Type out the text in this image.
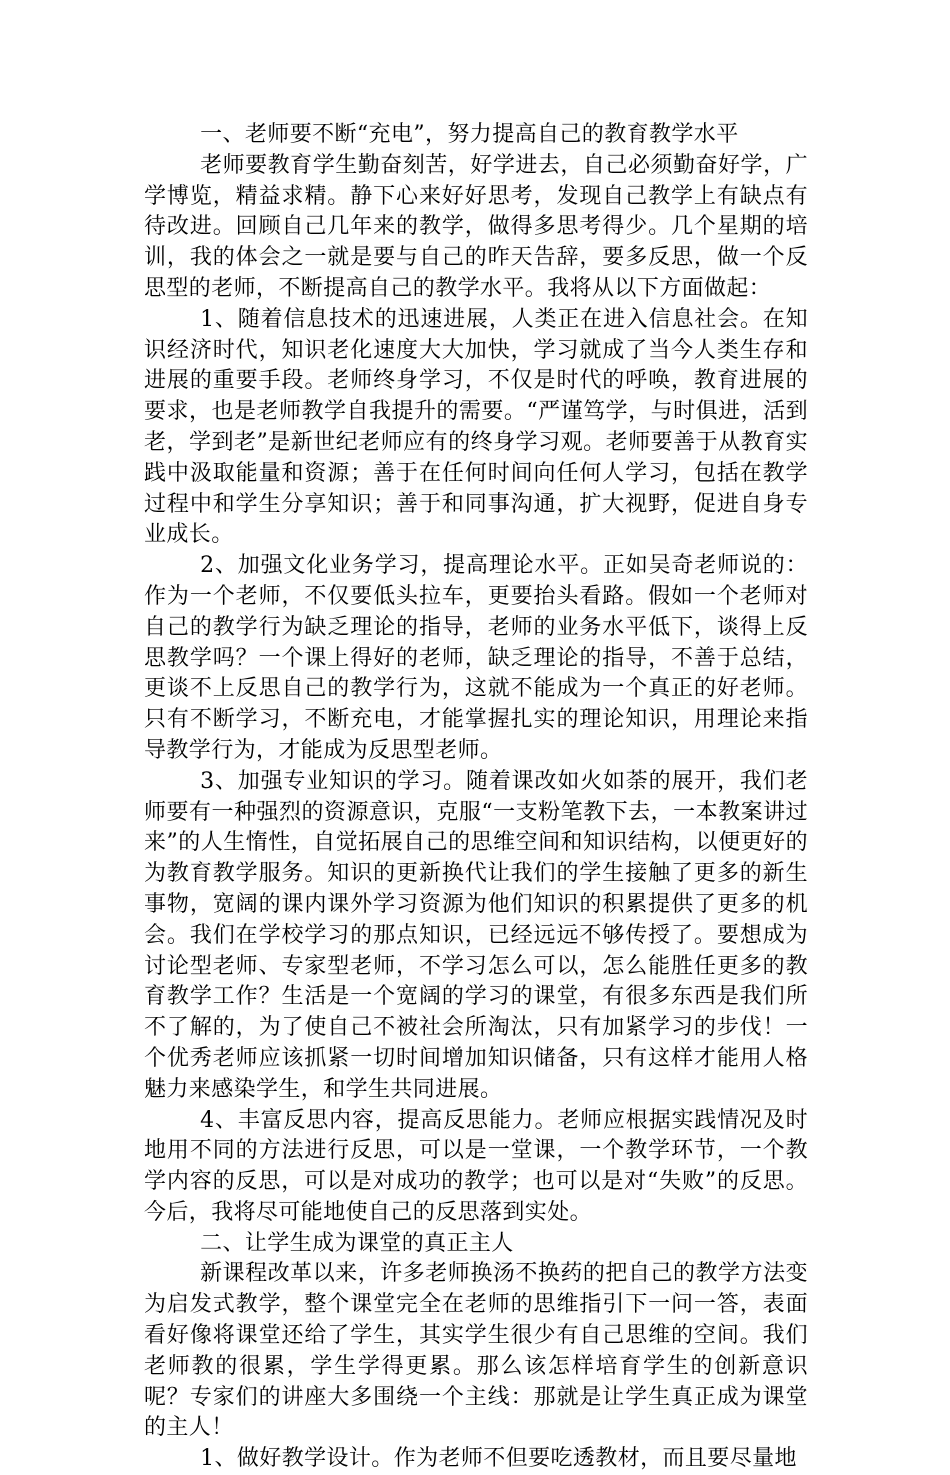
一、老师要不断“充电”，努力提高自己的教育教学水平

老师要教育学生勤奋刻苦，好学进去，自己必须勤奋好学，广学博览，精益求精。静下心来好好思考，发现自己教学上有缺点有待改进。回顾自己几年来的教学，做得多思考得少。几个星期的培训，我的体会之一就是要与自己的昨天告辞，要多反思，做一个反思型的老师，不断提高自己的教学水平。我将从以下方面做起：

1、随着信息技术的迅速进展，人类正在进入信息社会。在知识经济时代，知识老化速度大大加快，学习就成了当今人类生存和进展的重要手段。老师终身学习，不仅是时代的呼唤，教育进展的要求，也是老师教学自我提升的需要。“严谨笃学，与时俱进，活到老，学到老”是新世纪老师应有的终身学习观。老师要善于从教育实践中汲取能量和资源；善于在任何时间向任何人学习，包括在教学过程中和学生分享知识；善于和同事沟通，扩大视野，促进自身专业成长。

2、加强文化业务学习，提高理论水平。正如吴奇老师说的：作为一个老师，不仅要低头拉车，更要抬头看路。假如一个老师对自己的教学行为缺乏理论的指导，老师的业务水平低下，谈得上反思教学吗？一个课上得好的老师，缺乏理论的指导，不善于总结，更谈不上反思自己的教学行为，这就不能成为一个真正的好老师。只有不断学习，不断充电，才能掌握扎实的理论知识，用理论来指导教学行为，才能成为反思型老师。

3、加强专业知识的学习。随着课改如火如荼的展开，我们老师要有一种强烈的资源意识，克服“一支粉笔教下去，一本教案讲过来”的人生惰性，自觉拓展自己的思维空间和知识结构，以便更好的为教育教学服务。知识的更新换代让我们的学生接触了更多的新生事物，宽阔的课内课外学习资源为他们知识的积累提供了更多的机会。我们在学校学习的那点知识，已经远远不够传授了。要想成为讨论型老师、专家型老师，不学习怎么可以，怎么能胜任更多的教育教学工作？生活是一个宽阔的学习的课堂，有很多东西是我们所不了解的，为了使自己不被社会所淘汰，只有加紧学习的步伐！一个优秀老师应该抓紧一切时间增加知识储备，只有这样才能用人格魅力来感染学生，和学生共同进展。

4、丰富反思内容，提高反思能力。老师应根据实践情况及时地用不同的方法进行反思，可以是一堂课，一个教学环节，一个教学内容的反思，可以是对成功的教学；也可以是对“失败”的反思。今后，我将尽可能地使自己的反思落到实处。

二、让学生成为课堂的真正主人

新课程改革以来，许多老师换汤不换药的把自己的教学方法变为启发式教学，整个课堂完全在老师的思维指引下一问一答，表面看好像将课堂还给了学生，其实学生很少有自己思维的空间。我们老师教的很累，学生学得更累。那么该怎样培育学生的创新意识呢？专家们的讲座大多围绕一个主线：那就是让学生真正成为课堂的主人！

1、做好教学设计。作为老师不但要吃透教材，而且要尽量地
